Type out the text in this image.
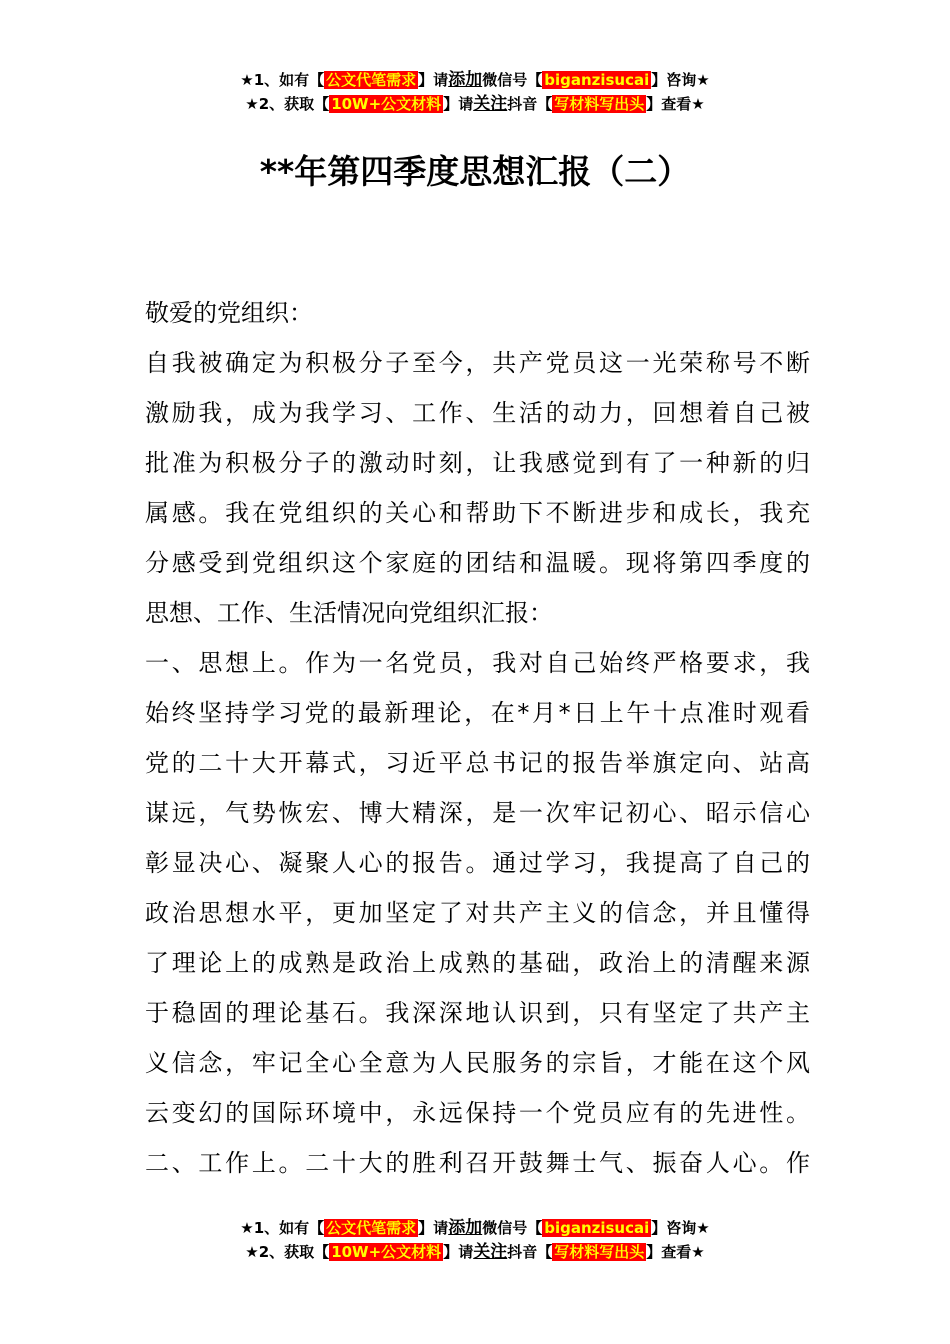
★1、如有【 公文代笔需求 】请添加微信号【 biganzisucai 】咨询★
★2、获取【 10W+公文材料 】请关注抖音【 写材料写出头 】查看★
**年第四季度思想汇报（二）
敬爱的党组织：
自我被确定为积极分子至今，共产党员这一光荣称号不断
激励我，成为我学习、工作、生活的动力，回想着自己被
批准为积极分子的激动时刻，让我感觉到有了一种新的归
属感。我在党组织的关心和帮助下不断进步和成长，我充
分感受到党组织这个家庭的团结和温暖。现将第四季度的
思想、工作、生活情况向党组织汇报：
一、思想上。作为一名党员，我对自己始终严格要求，我
始终坚持学习党的最新理论，在*月*日上午十点准时观看
党的二十大开幕式，习近平总书记的报告举旗定向、站高
谋远，气势恢宏、博大精深，是一次牢记初心、昭示信心
彰显决心、凝聚人心的报告。通过学习，我提高了自己的
政治思想水平，更加坚定了对共产主义的信念，并且懂得
了理论上的成熟是政治上成熟的基础，政治上的清醒来源
于稳固的理论基石。我深深地认识到，只有坚定了共产主
义信念，牢记全心全意为人民服务的宗旨，才能在这个风
云变幻的国际环境中，永远保持一个党员应有的先进性。
二、工作上。二十大的胜利召开鼓舞士气、振奋人心。作
★1、如有【 公文代笔需求 】请添加微信号【 biganzisucai 】咨询★
★2、获取【 10W+公文材料 】请关注抖音【 写材料写出头 】查看★
